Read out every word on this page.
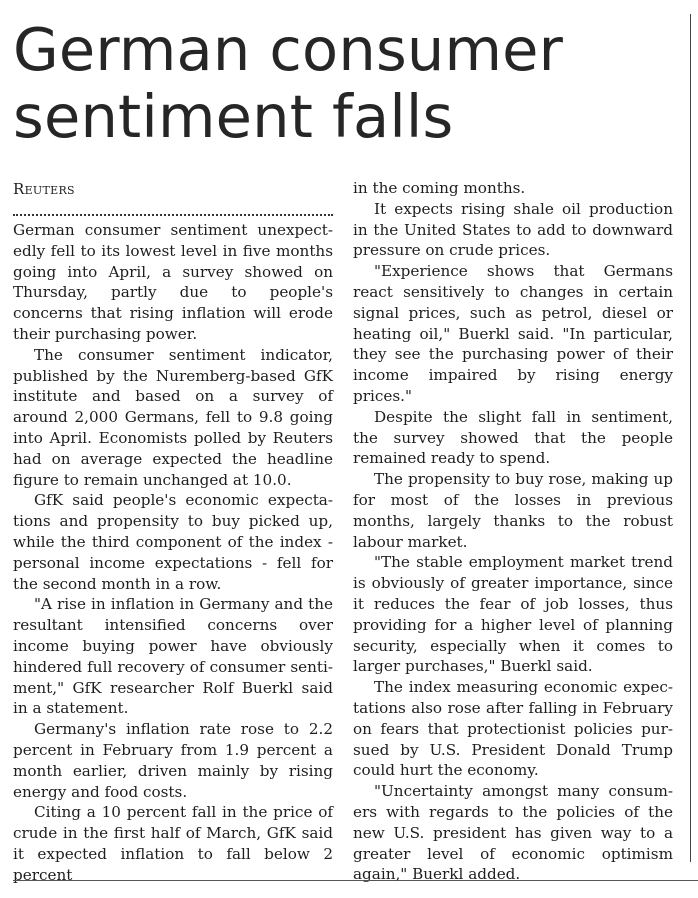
German consumer sentiment falls
Reuters

German consumer sentiment unexpectedly fell to its lowest level in five months going into April, a survey showed on Thursday, partly due to people's concerns that rising inflation will erode their purchasing power.

The consumer sentiment indicator, published by the Nuremberg-based GfK institute and based on a survey of around 2,000 Germans, fell to 9.8 going into April. Economists polled by Reuters had on average expected the headline figure to remain unchanged at 10.0.

GfK said people's economic expectations and propensity to buy picked up, while the third component of the index - personal income expectations - fell for the second month in a row.

"A rise in inflation in Germany and the resultant intensified concerns over income buying power have obviously hindered full recovery of consumer sentiment," GfK researcher Rolf Buerkl said in a statement.

Germany's inflation rate rose to 2.2 percent in February from 1.9 percent a month earlier, driven mainly by rising energy and food costs.

Citing a 10 percent fall in the price of crude in the first half of March, GfK said it expected inflation to fall below 2 percent

in the coming months.

It expects rising shale oil production in the United States to add to downward pressure on crude prices.

"Experience shows that Germans react sensitively to changes in certain signal prices, such as petrol, diesel or heating oil," Buerkl said. "In particular, they see the purchasing power of their income impaired by rising energy prices."

Despite the slight fall in sentiment, the survey showed that the people remained ready to spend.

The propensity to buy rose, making up for most of the losses in previous months, largely thanks to the robust labour market.

"The stable employment market trend is obviously of greater importance, since it reduces the fear of job losses, thus providing for a higher level of planning security, especially when it comes to larger purchases," Buerkl said.

The index measuring economic expectations also rose after falling in February on fears that protectionist policies pursued by U.S. President Donald Trump could hurt the economy.

"Uncertainty amongst many consumers with regards to the policies of the new U.S. president has given way to a greater level of economic optimism again," Buerkl added.
